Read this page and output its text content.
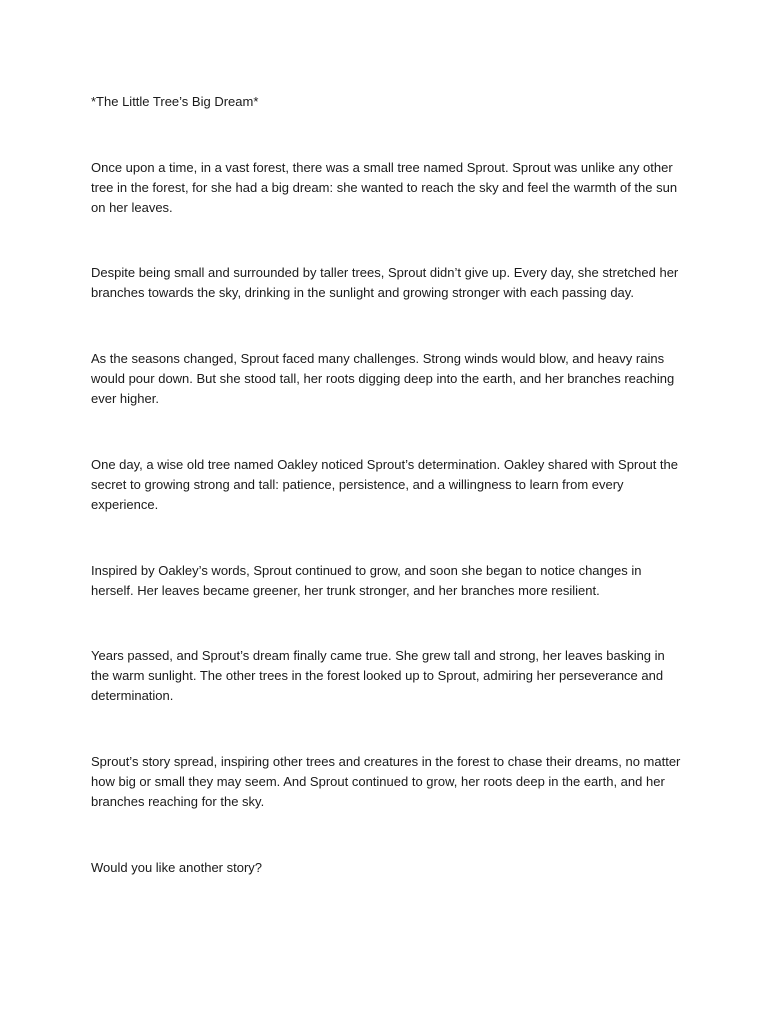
*The Little Tree’s Big Dream*

Once upon a time, in a vast forest, there was a small tree named Sprout. Sprout was unlike any other tree in the forest, for she had a big dream: she wanted to reach the sky and feel the warmth of the sun on her leaves.

Despite being small and surrounded by taller trees, Sprout didn’t give up. Every day, she stretched her branches towards the sky, drinking in the sunlight and growing stronger with each passing day.

As the seasons changed, Sprout faced many challenges. Strong winds would blow, and heavy rains would pour down. But she stood tall, her roots digging deep into the earth, and her branches reaching ever higher.

One day, a wise old tree named Oakley noticed Sprout’s determination. Oakley shared with Sprout the secret to growing strong and tall: patience, persistence, and a willingness to learn from every experience.

Inspired by Oakley’s words, Sprout continued to grow, and soon she began to notice changes in herself. Her leaves became greener, her trunk stronger, and her branches more resilient.

Years passed, and Sprout’s dream finally came true. She grew tall and strong, her leaves basking in the warm sunlight. The other trees in the forest looked up to Sprout, admiring her perseverance and determination.

Sprout’s story spread, inspiring other trees and creatures in the forest to chase their dreams, no matter how big or small they may seem. And Sprout continued to grow, her roots deep in the earth, and her branches reaching for the sky.

Would you like another story?
